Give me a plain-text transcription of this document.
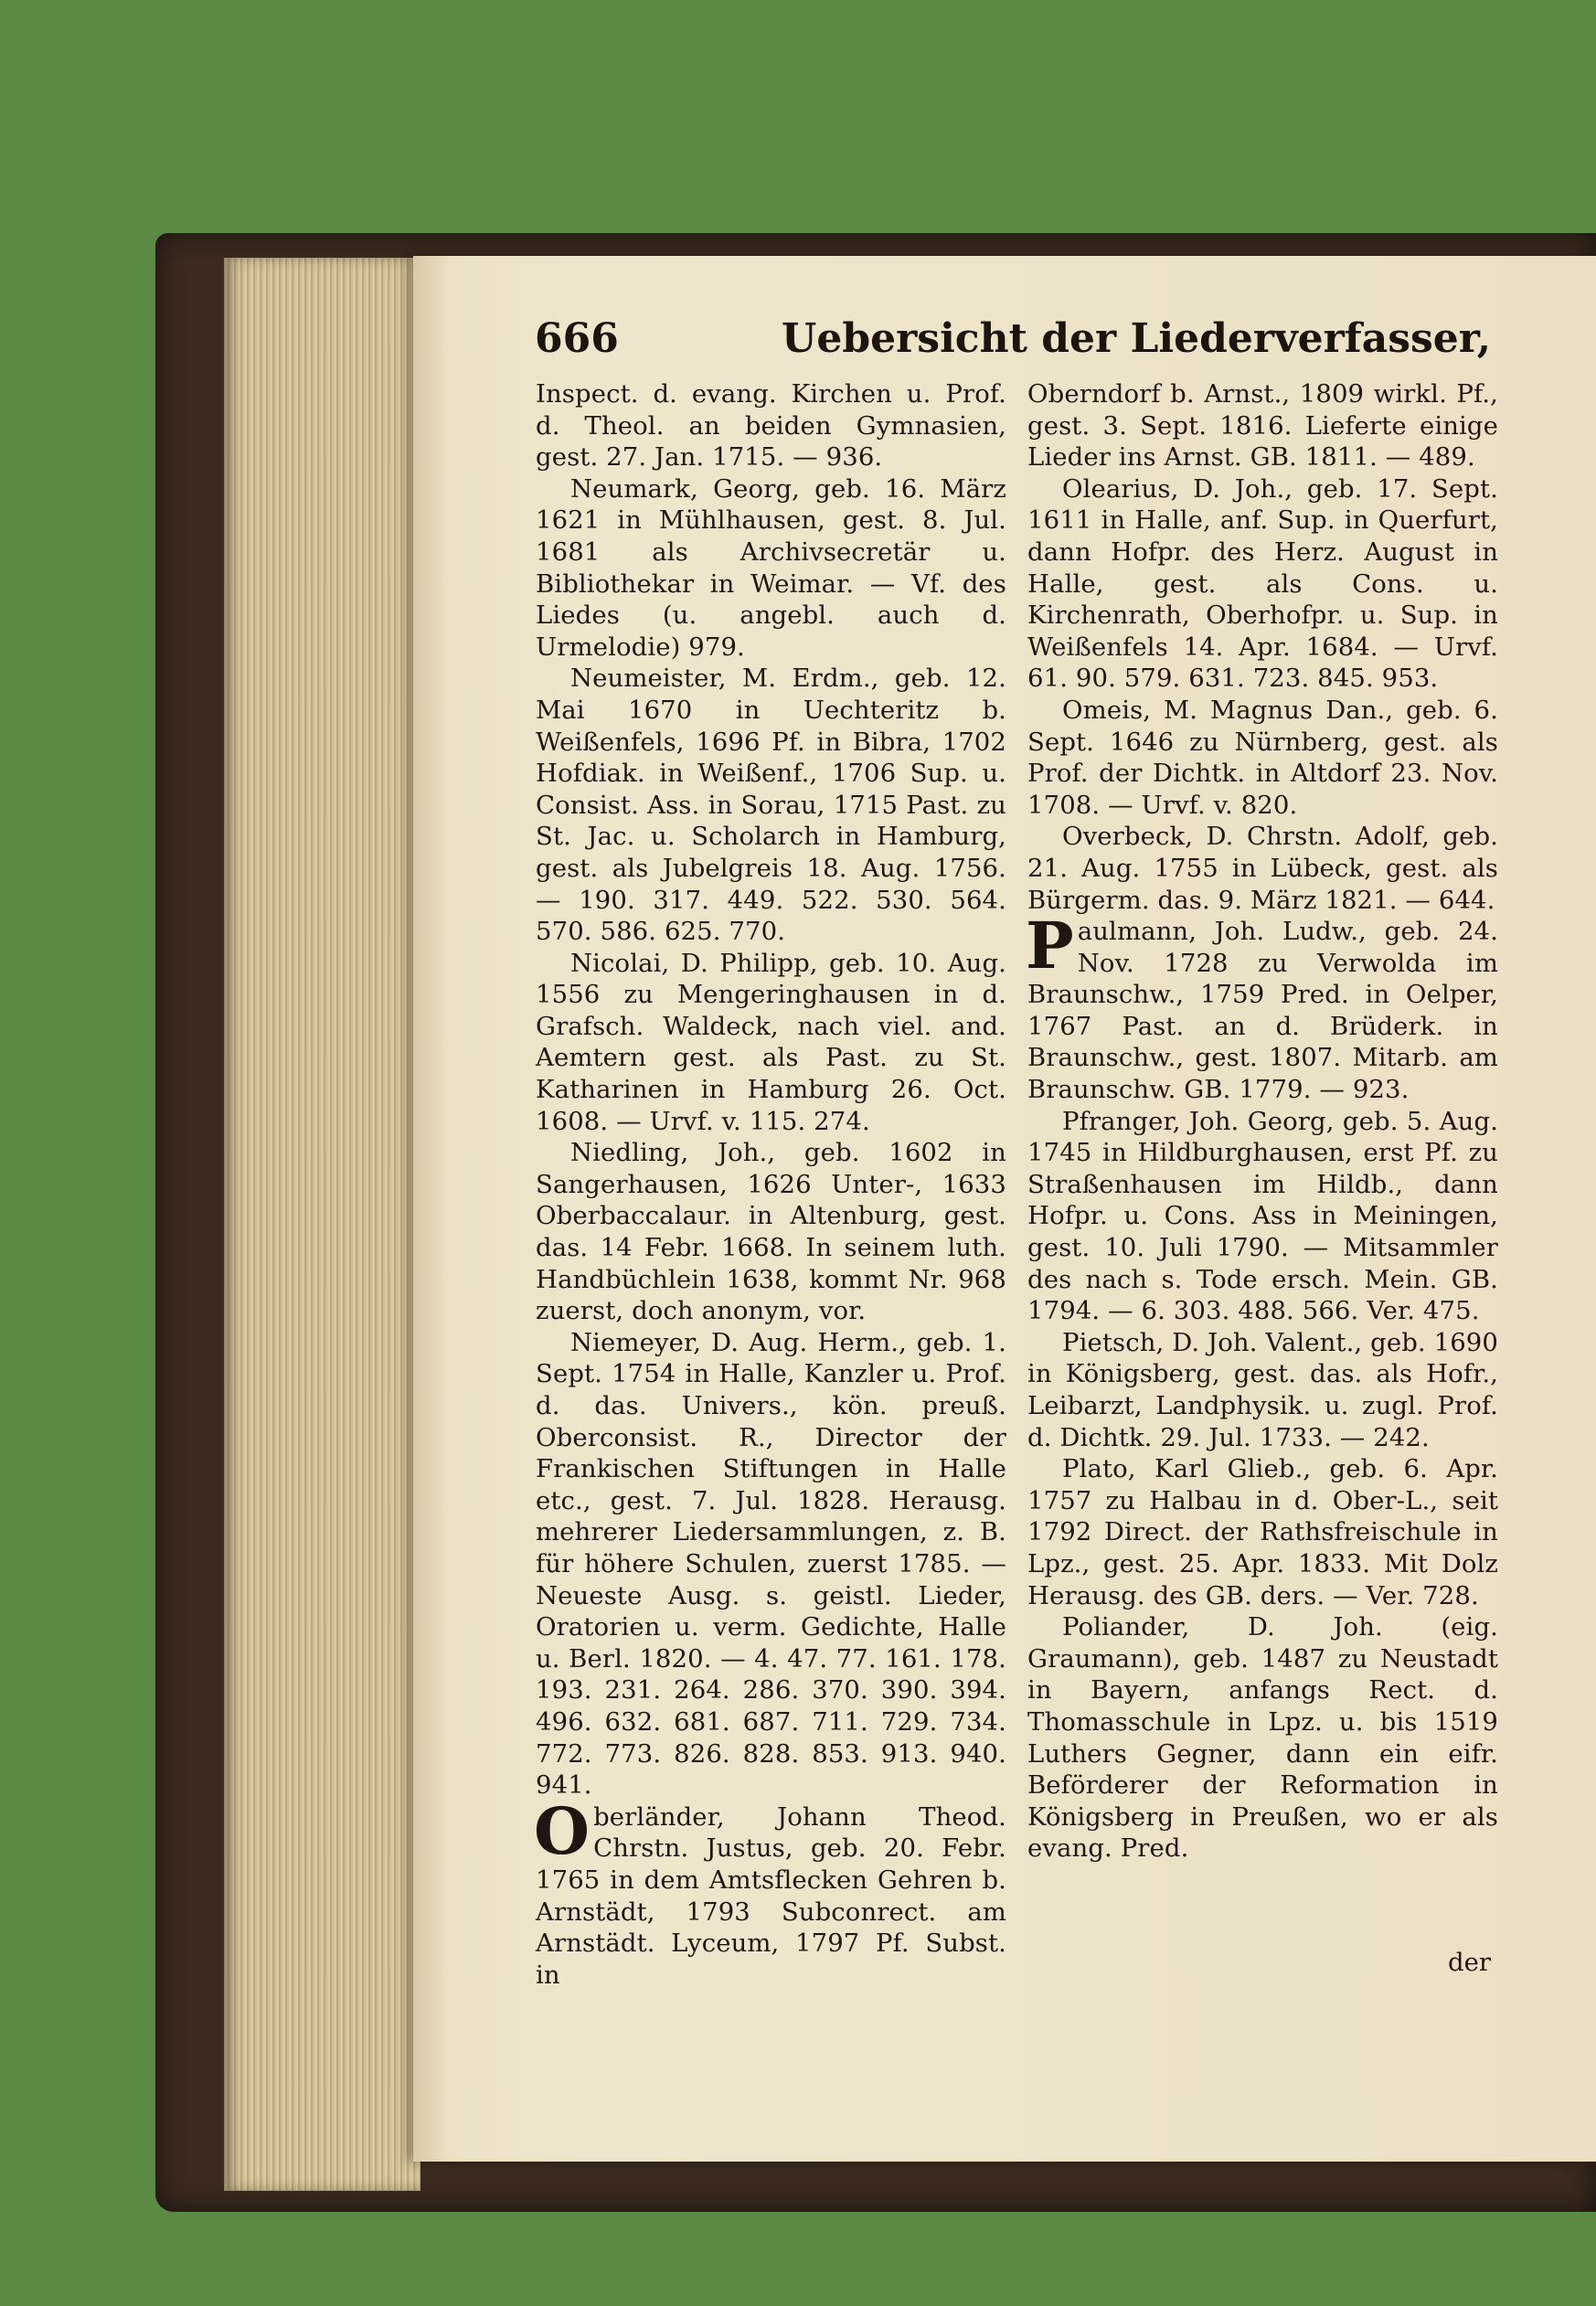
666	Uebersicht der Liederverfasser,

Inspect. d. evang. Kirchen u. Prof. d. Theol. an beiden Gymnasien, gest. 27. Jan. 1715. — 936.

Neumark, Georg, geb. 16. März 1621 in Mühlhausen, gest. 8. Jul. 1681 als Archivsecretär u. Bibliothekar in Weimar. — Vf. des Liedes (u. angebl. auch d. Urmelodie) 979.

Neumeister, M. Erdm., geb. 12. Mai 1670 in Uechteritz b. Weißenfels, 1696 Pf. in Bibra, 1702 Hofdiak. in Weißenf., 1706 Sup. u. Consist. Ass. in Sorau, 1715 Past. zu St. Jac. u. Scholarch in Hamburg, gest. als Jubelgreis 18. Aug. 1756. — 190. 317. 449. 522. 530. 564. 570. 586. 625. 770.

Nicolai, D. Philipp, geb. 10. Aug. 1556 zu Mengeringhausen in d. Grafsch. Waldeck, nach viel. and. Aemtern gest. als Past. zu St. Katharinen in Hamburg 26. Oct. 1608. — Urvf. v. 115. 274.

Niedling, Joh., geb. 1602 in Sangerhausen, 1626 Unter-, 1633 Oberbaccalaur. in Altenburg, gest. das. 14 Febr. 1668. In seinem luth. Handbüchlein 1638, kommt Nr. 968 zuerst, doch anonym, vor.

Niemeyer, D. Aug. Herm., geb. 1. Sept. 1754 in Halle, Kanzler u. Prof. d. das. Univers., kön. preuß. Oberconsist. R., Director der Frankischen Stiftungen in Halle etc., gest. 7. Jul. 1828. Herausg. mehrerer Liedersammlungen, z. B. für höhere Schulen, zuerst 1785. — Neueste Ausg. s. geistl. Lieder, Oratorien u. verm. Gedichte, Halle u. Berl. 1820. — 4. 47. 77. 161. 178. 193. 231. 264. 286. 370. 390. 394. 496. 632. 681. 687. 711. 729. 734. 772. 773. 826. 828. 853. 913. 940. 941.

Oberländer, Johann Theod. Chrstn. Justus, geb. 20. Febr. 1765 in dem Amtsflecken Gehren b. Arnstädt, 1793 Subconrect. am Arnstädt. Lyceum, 1797 Pf. Subst. in

Oberndorf b. Arnst., 1809 wirkl. Pf., gest. 3. Sept. 1816. Lieferte einige Lieder ins Arnst. GB. 1811. — 489.

Olearius, D. Joh., geb. 17. Sept. 1611 in Halle, anf. Sup. in Querfurt, dann Hofpr. des Herz. August in Halle, gest. als Cons. u. Kirchenrath, Oberhofpr. u. Sup. in Weißenfels 14. Apr. 1684. — Urvf. 61. 90. 579. 631. 723. 845. 953.

Omeis, M. Magnus Dan., geb. 6. Sept. 1646 zu Nürnberg, gest. als Prof. der Dichtk. in Altdorf 23. Nov. 1708. — Urvf. v. 820.

Overbeck, D. Chrstn. Adolf, geb. 21. Aug. 1755 in Lübeck, gest. als Bürgerm. das. 9. März 1821. — 644.

Paulmann, Joh. Ludw., geb. 24. Nov. 1728 zu Verwolda im Braunschw., 1759 Pred. in Oelper, 1767 Past. an d. Brüderk. in Braunschw., gest. 1807. Mitarb. am Braunschw. GB. 1779. — 923.

Pfranger, Joh. Georg, geb. 5. Aug. 1745 in Hildburghausen, erst Pf. zu Straßenhausen im Hildb., dann Hofpr. u. Cons. Ass in Meiningen, gest. 10. Juli 1790. — Mitsammler des nach s. Tode ersch. Mein. GB. 1794. — 6. 303. 488. 566. Ver. 475.

Pietsch, D. Joh. Valent., geb. 1690 in Königsberg, gest. das. als Hofr., Leibarzt, Landphysik. u. zugl. Prof. d. Dichtk. 29. Jul. 1733. — 242.

Plato, Karl Glieb., geb. 6. Apr. 1757 zu Halbau in d. Ober-L., seit 1792 Direct. der Rathsfreischule in Lpz., gest. 25. Apr. 1833. Mit Dolz Herausg. des GB. ders. — Ver. 728.

Poliander, D. Joh. (eig. Graumann), geb. 1487 zu Neustadt in Bayern, anfangs Rect. d. Thomasschule in Lpz. u. bis 1519 Luthers Gegner, dann ein eifr. Beförderer der Reformation in Königsberg in Preußen, wo er als evang. Pred.

der
